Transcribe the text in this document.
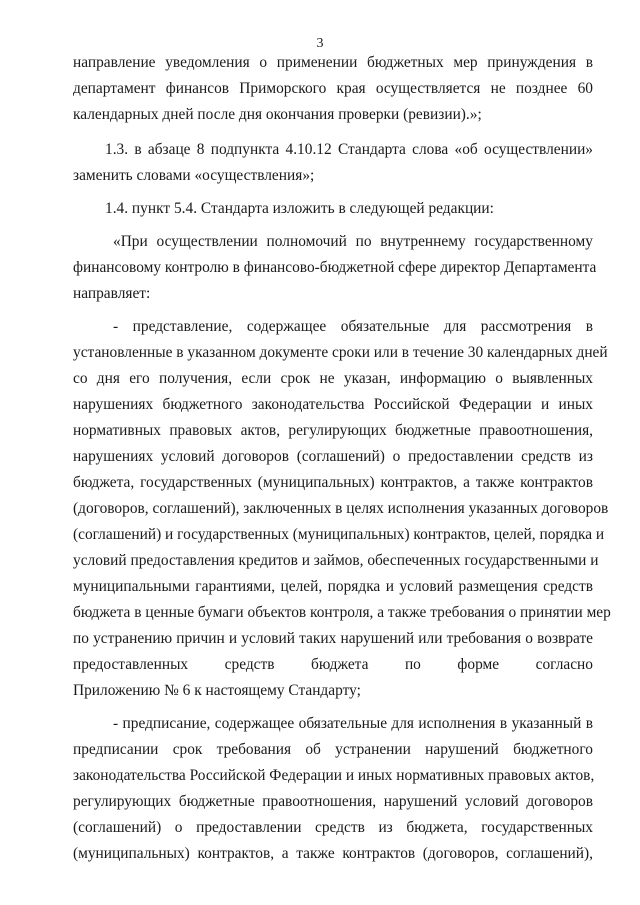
3
направление уведомления о применении бюджетных мер принуждения в
департамент финансов Приморского края осуществляется не позднее 60
календарных дней после дня окончания проверки (ревизии).»;
1.3. в абзаце 8 подпункта 4.10.12 Стандарта слова «об осуществлении»
заменить словами «осуществления»;
1.4. пункт 5.4. Стандарта изложить в следующей редакции:
«При осуществлении полномочий по внутреннему государственному
финансовому контролю в финансово-бюджетной сфере директор Департамента
направляет:
- представление, содержащее обязательные для рассмотрения в
установленные в указанном документе сроки или в течение 30 календарных дней
со дня его получения, если срок не указан, информацию о выявленных
нарушениях бюджетного законодательства Российской Федерации и иных
нормативных правовых актов, регулирующих бюджетные правоотношения,
нарушениях условий договоров (соглашений) о предоставлении средств из
бюджета, государственных (муниципальных) контрактов, а также контрактов
(договоров, соглашений), заключенных в целях исполнения указанных договоров
(соглашений) и государственных (муниципальных) контрактов, целей, порядка и
условий предоставления кредитов и займов, обеспеченных государственными и
муниципальными гарантиями, целей, порядка и условий размещения средств
бюджета в ценные бумаги объектов контроля, а также требования о принятии мер
по устранению причин и условий таких нарушений или требования о возврате
предоставленных средств бюджета по форме согласно
Приложению № 6 к настоящему Стандарту;
- предписание, содержащее обязательные для исполнения в указанный в
предписании срок требования об устранении нарушений бюджетного
законодательства Российской Федерации и иных нормативных правовых актов,
регулирующих бюджетные правоотношения, нарушений условий договоров
(соглашений) о предоставлении средств из бюджета, государственных
(муниципальных) контрактов, а также контрактов (договоров, соглашений),
